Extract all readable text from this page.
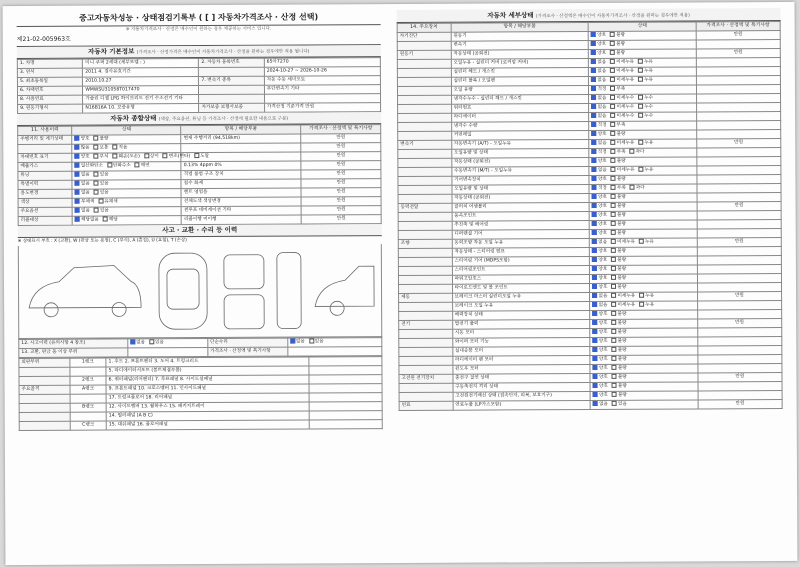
중고자동차성능 · 상태점검기록부 ( [ ] 자동차가격조사 · 산정 선택)
※ 자동차가격조사 · 산정은 매수인이 원하는 경우 제공하는 서비스 입니다.
제21-02-005963호
자동차 기본정보 (가격조사 · 산정가격은 매수인이 자동차가격조사 · 산정을 원하는 경우에만 적용 됩니다)
1. 차명	미니 쿠퍼 2세대 (세부모델 : )	2. 자동차 등록번호	65아7270
3. 연식	2011 4. 검사유효기간		2024-10-27 ~ 2026-10-26
5. 최초등록일	2010.10.27	7. 변속기 종류	자동 수동 세미오토
6. 차대번호	WMWSU31058T017470		무단변속기 기타
8. 사용연료	가솔린 디젤 LPG 하이브리드 전기 수소전기 기타		
9. 원동기형식	N16B16A 10. 보증유형	자가보증 보험사보증	가격산정 기준가격 만원
자동차 종합상태 (색상, 주요옵션, 튜닝 등 가격조사 · 산정에 필요한 내용으로 구분)
11. 사용이력	상태	항목 / 해당부품	가격조사 · 산정액 및 특기사항
주행거리 및 계기상태	양호 불량	현재 주행거리 (94,518km)	만원
	많음 보통 적음		만원
차대번호 표기	양호 부식 훼손(오손) 상이 변조(변타) 도말		만원
배출가스	일산화탄소 탄화수소 매연	0.13% 4ppm 0%	만원
튜닝	없음 있음	적법 불법 구조 장치	만원
특별이력	없음 있음	침수 화재	만원
용도변경	없음 있음	렌트 영업용	만원
색상	무채색 유채색	전체도색 색상변경	만원
주요옵션	없음 있음	썬루프 네비게이션 기타	만원
리콜대상	해당없음 해당	리콜이행 미이행	만원
사고 · 교환 · 수리 등 이력
※ 상태표시 부호 : X (교환), W (판금 또는 용접), C (부식), A (흠집), U (요철), T (손상)
12. 사고이력 (유의사항 4 참조)	없음 있음	단순수리	없음 있음
13. 교환, 판금 등 이상 부위		가격조사 · 산정액 및 특기사항	
외판부위	1랭크	1. 후드 2. 프론트펜더 3. 도어 4. 트렁크리드	
		5. 라디에이터서포트 (볼트체결부품)	
	2랭크	6. 쿼터패널(리어펜더) 7. 루프패널 8. 사이드실패널	
주요골격	A랭크	9. 프론트패널 10. 크로스멤버 11. 인사이드패널	
		17. 트렁크플로어 18. 리어패널	
	B랭크	12. 사이드멤버 13. 휠하우스 15. 패키지트레이	
		14. 필러패널 (A B C)	
	C랭크	15. 대쉬패널 16. 플로어패널	
자동차 세부상태 (가격조사 · 산정액은 매수인이 자동차가격조사 · 산정을 원하는 경우에만 적용)
14. 주요장치	항목 / 해당부품	상태	가격조사 · 산정액 및 특기사항
자기진단	원동기	양호 불량	만원
	변속기	양호 불량	
원동기	작동상태 (공회전)	양호 불량	만원
	오일누유 - 실린더 커버 (로커암 커버)	없음 미세누유 누유	
	실린더 헤드 / 개스킷	없음 미세누유 누유	
	실린더 블록 / 오일팬	없음 미세누유 누유	
	오일 유량	적정 부족	
	냉각수누수 - 실린더 헤드 / 개스킷	없음 미세누수 누수	
	워터펌프	없음 미세누수 누수	
	라디에이터	없음 미세누수 누수	
	냉각수 수량	적정 부족	
	커먼레일	양호 불량	
변속기	자동변속기 (A/T) - 오일누유	없음 미세누유 누유	만원
	오일유량 및 상태	적정 부족 과다	
	작동상태 (공회전)	양호 불량	
	수동변속기 (M/T) - 오일누유	없음 미세누유 누유	
	기어변속장치	양호 불량	
	오일유량 및 상태	적정 부족 과다	
	작동상태 (공회전)	양호 불량	
동력전달	클러치 어셈블리	양호 불량	만원
	등속조인트	양호 불량	
	추진축 및 베어링	양호 불량	
	디퍼렌셜 기어	양호 불량	
조향	동력조향 작동 오일 누유	없음 미세누유 누유	만원
	작동상태 - 스티어링 펌프	양호 불량	
	스티어링 기어 (MDPS포함)	양호 불량	
	스티어링조인트	양호 불량	
	파워고압호스	양호 불량	
	타이로드엔드 및 볼 조인트	양호 불량	
제동	브레이크 마스터 실린더오일 누유	없음 미세누유 누유	만원
	브레이크 오일 누유	없음 미세누유 누유	
	배력장치 상태	양호 불량	
전기	발전기 출력	양호 불량	만원
	시동 모터	양호 불량	
	와이퍼 모터 기능	양호 불량	
	실내송풍 모터	양호 불량	
	라디에이터 팬 모터	양호 불량	
	윈도우 모터	양호 불량	
고전원 전기장치	충전구 절연 상태	양호 불량	만원
	구동축전지 격리 상태	양호 불량	
	고전원전기배선 상태 (접속단자, 피복, 보호기구)	양호 불량	
연료	연료누출 (LP가스포함)	없음 있음	만원
